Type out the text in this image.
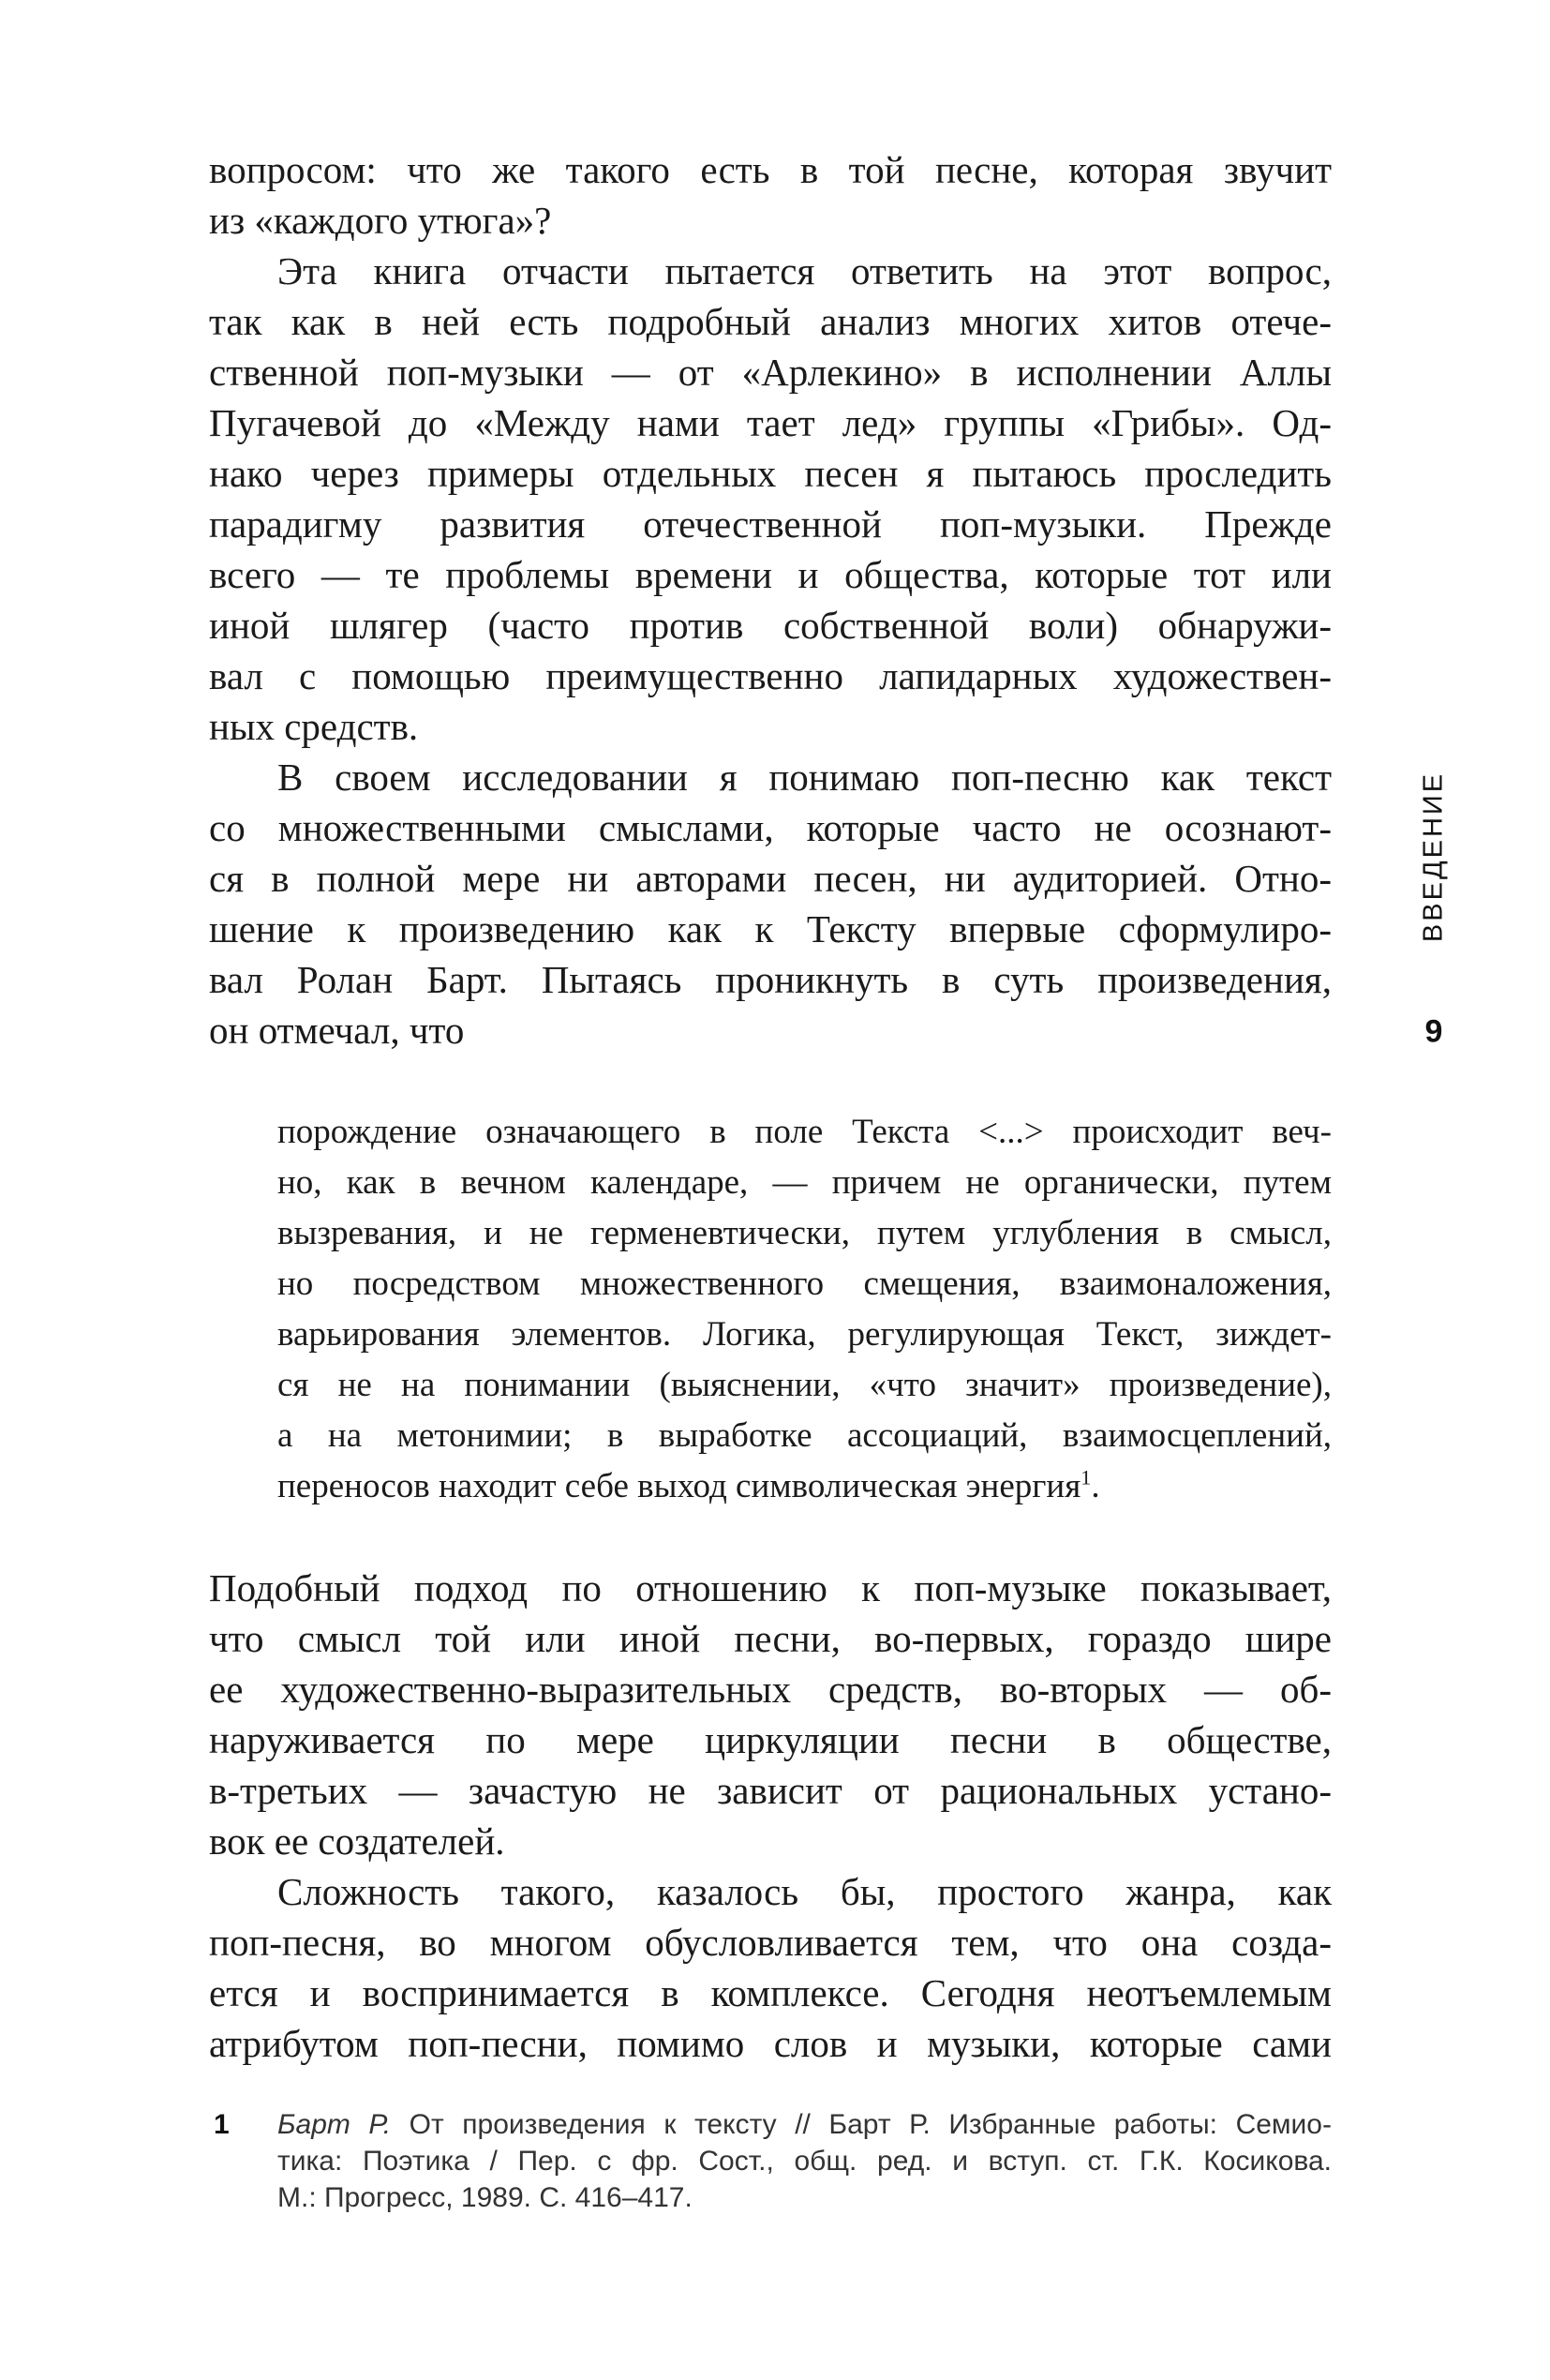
вопросом: что же такого есть в той песне, которая звучит
из «каждого утюга»?
Эта книга отчасти пытается ответить на этот вопрос,
так как в ней есть подробный анализ многих хитов отече-
ственной поп-музыки — от «Арлекино» в исполнении Аллы
Пугачевой до «Между нами тает лед» группы «Грибы». Од-
нако через примеры отдельных песен я пытаюсь проследить
парадигму развития отечественной поп-музыки. Прежде
всего — те проблемы времени и общества, которые тот или
иной шлягер (часто против собственной воли) обнаружи-
вал с помощью преимущественно лапидарных художествен-
ных средств.
В своем исследовании я понимаю поп-песню как текст
со множественными смыслами, которые часто не осознают-
ся в полной мере ни авторами песен, ни аудиторией. Отно-
шение к произведению как к Тексту впервые сформулиро-
вал Ролан Барт. Пытаясь проникнуть в суть произведения,
он отмечал, что
порождение означающего в поле Текста <...> происходит веч-
но, как в вечном календаре, — причем не органически, путем
вызревания, и не герменевтически, путем углубления в смысл,
но посредством множественного смещения, взаимоналожения,
варьирования элементов. Логика, регулирующая Текст, зиждет-
ся не на понимании (выяснении, «что значит» произведение),
а на метонимии; в выработке ассоциаций, взаимосцеплений,
переносов находит себе выход символическая энергия$^1$.
Подобный подход по отношению к поп-музыке показывает,
что смысл той или иной песни, во-первых, гораздо шире
ее художественно-выразительных средств, во-вторых — об-
наруживается по мере циркуляции песни в обществе,
в-третьих — зачастую не зависит от рациональных устано-
вок ее создателей.
Сложность такого, казалось бы, простого жанра, как
поп-песня, во многом обусловливается тем, что она созда-
ется и воспринимается в комплексе. Сегодня неотъемлемым
атрибутом поп-песни, помимо слов и музыки, которые сами
1 Барт Р. От произведения к тексту // Барт Р. Избранные работы: Семио-
тика: Поэтика / Пер. с фр. Сост., общ. ред. и вступ. ст. Г.К. Косикова.
М.: Прогресс, 1989. С. 416–417.
ВВЕДЕНИЕ
9
